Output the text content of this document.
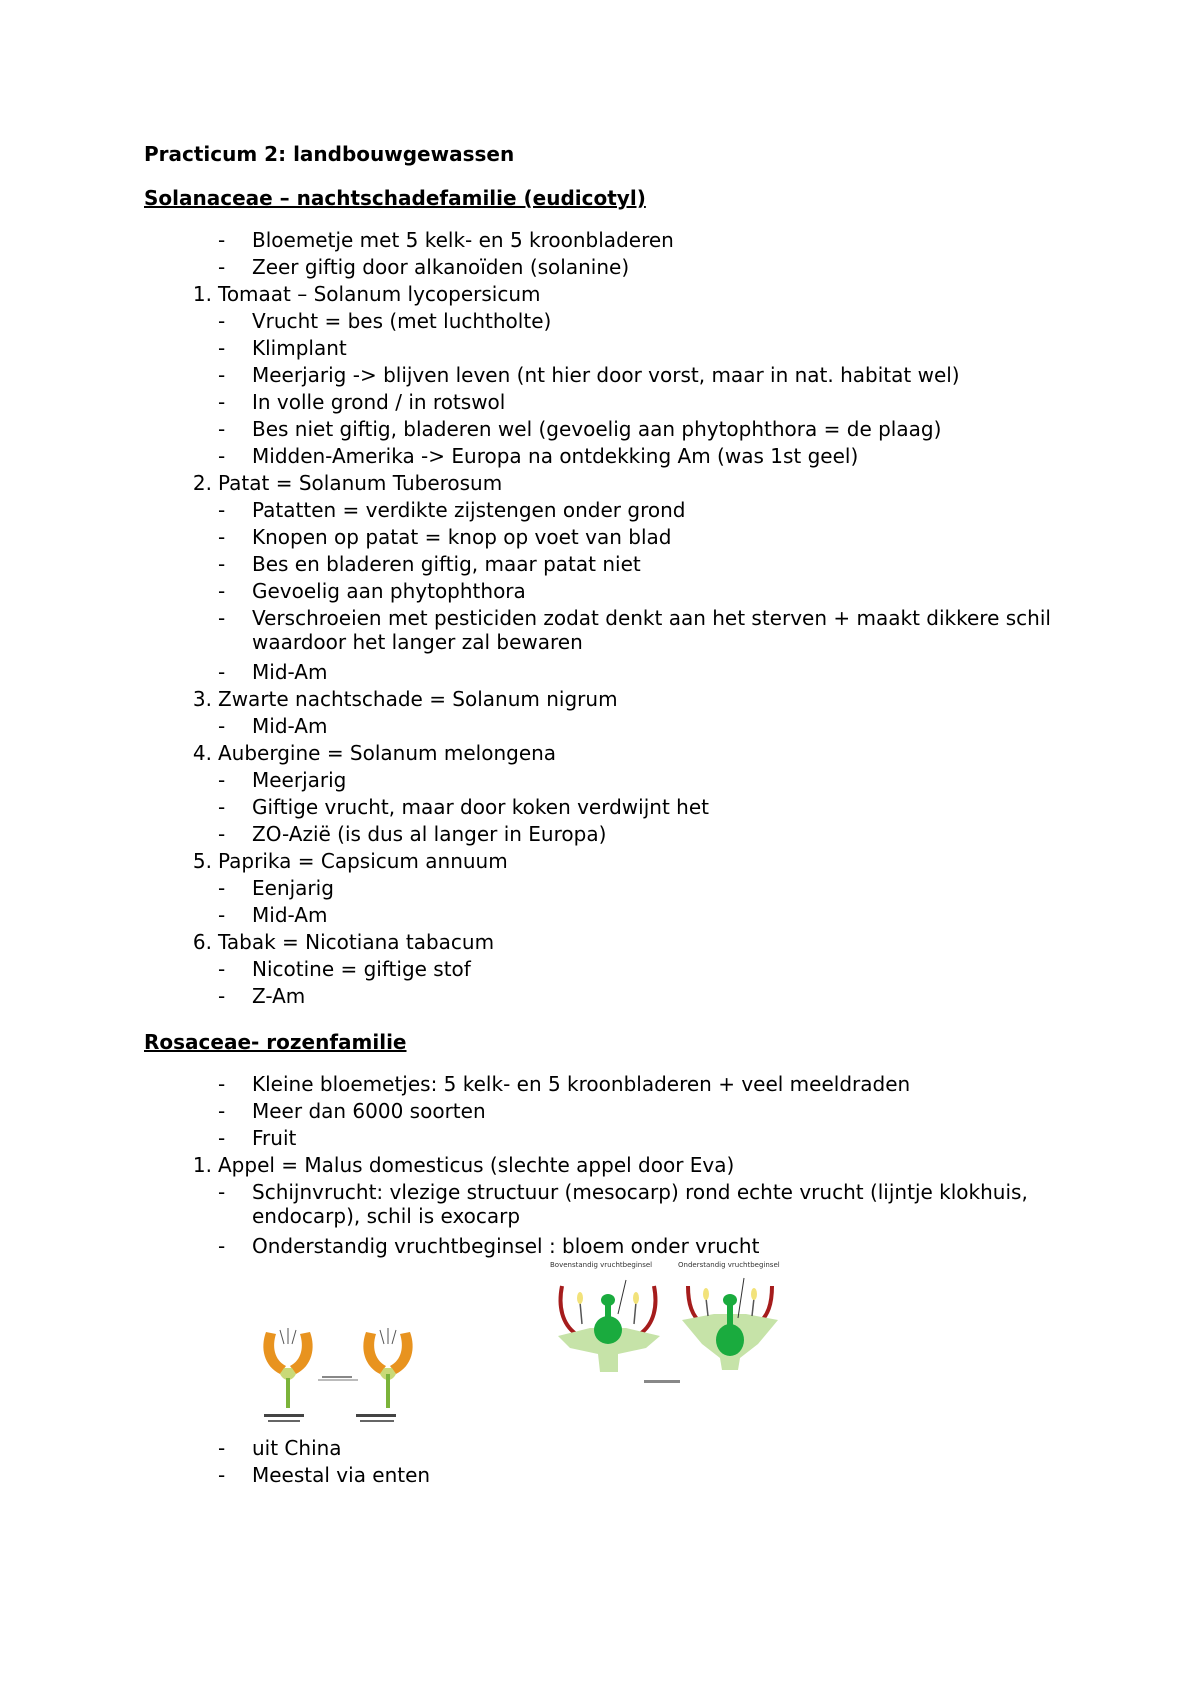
Practicum 2: landbouwgewassen
Solanaceae – nachtschadefamilie (eudicotyl)
- Bloemetje met 5 kelk- en 5 kroonbladeren
- Zeer giftig door alkanoïden (solanine)
1. Tomaat – Solanum lycopersicum
- Vrucht = bes (met luchtholte)
- Klimplant
- Meerjarig -> blijven leven (nt hier door vorst, maar in nat. habitat wel)
- In volle grond / in rotswol
- Bes niet giftig, bladeren wel (gevoelig aan phytophthora = de plaag)
- Midden-Amerika -> Europa na ontdekking Am (was 1st geel)
2. Patat = Solanum Tuberosum
- Patatten = verdikte zijstengen onder grond
- Knopen op patat = knop op voet van blad
- Bes en bladeren giftig, maar patat niet
- Gevoelig aan phytophthora
- Verschroeien met pesticiden zodat denkt aan het sterven + maakt dikkere schil waardoor het langer zal bewaren
- Mid-Am
3. Zwarte nachtschade = Solanum nigrum
- Mid-Am
4. Aubergine = Solanum melongena
- Meerjarig
- Giftige vrucht, maar door koken verdwijnt het
- ZO-Azië (is dus al langer in Europa)
5. Paprika = Capsicum annuum
- Eenjarig
- Mid-Am
6. Tabak = Nicotiana tabacum
- Nicotine = giftige stof
- Z-Am
Rosaceae- rozenfamilie
- Kleine bloemetjes: 5 kelk- en 5 kroonbladeren + veel meeldraden
- Meer dan 6000 soorten
- Fruit
1. Appel = Malus domesticus (slechte appel door Eva)
- Schijnvrucht: vlezige structuur (mesocarp) rond echte vrucht (lijntje klokhuis, endocarp), schil is exocarp
- Onderstandig vruchtbeginsel : bloem onder vrucht
Bovenstandig vruchtbeginsel	Onderstandig vruchtbeginsel
- uit China
- Meestal via enten
